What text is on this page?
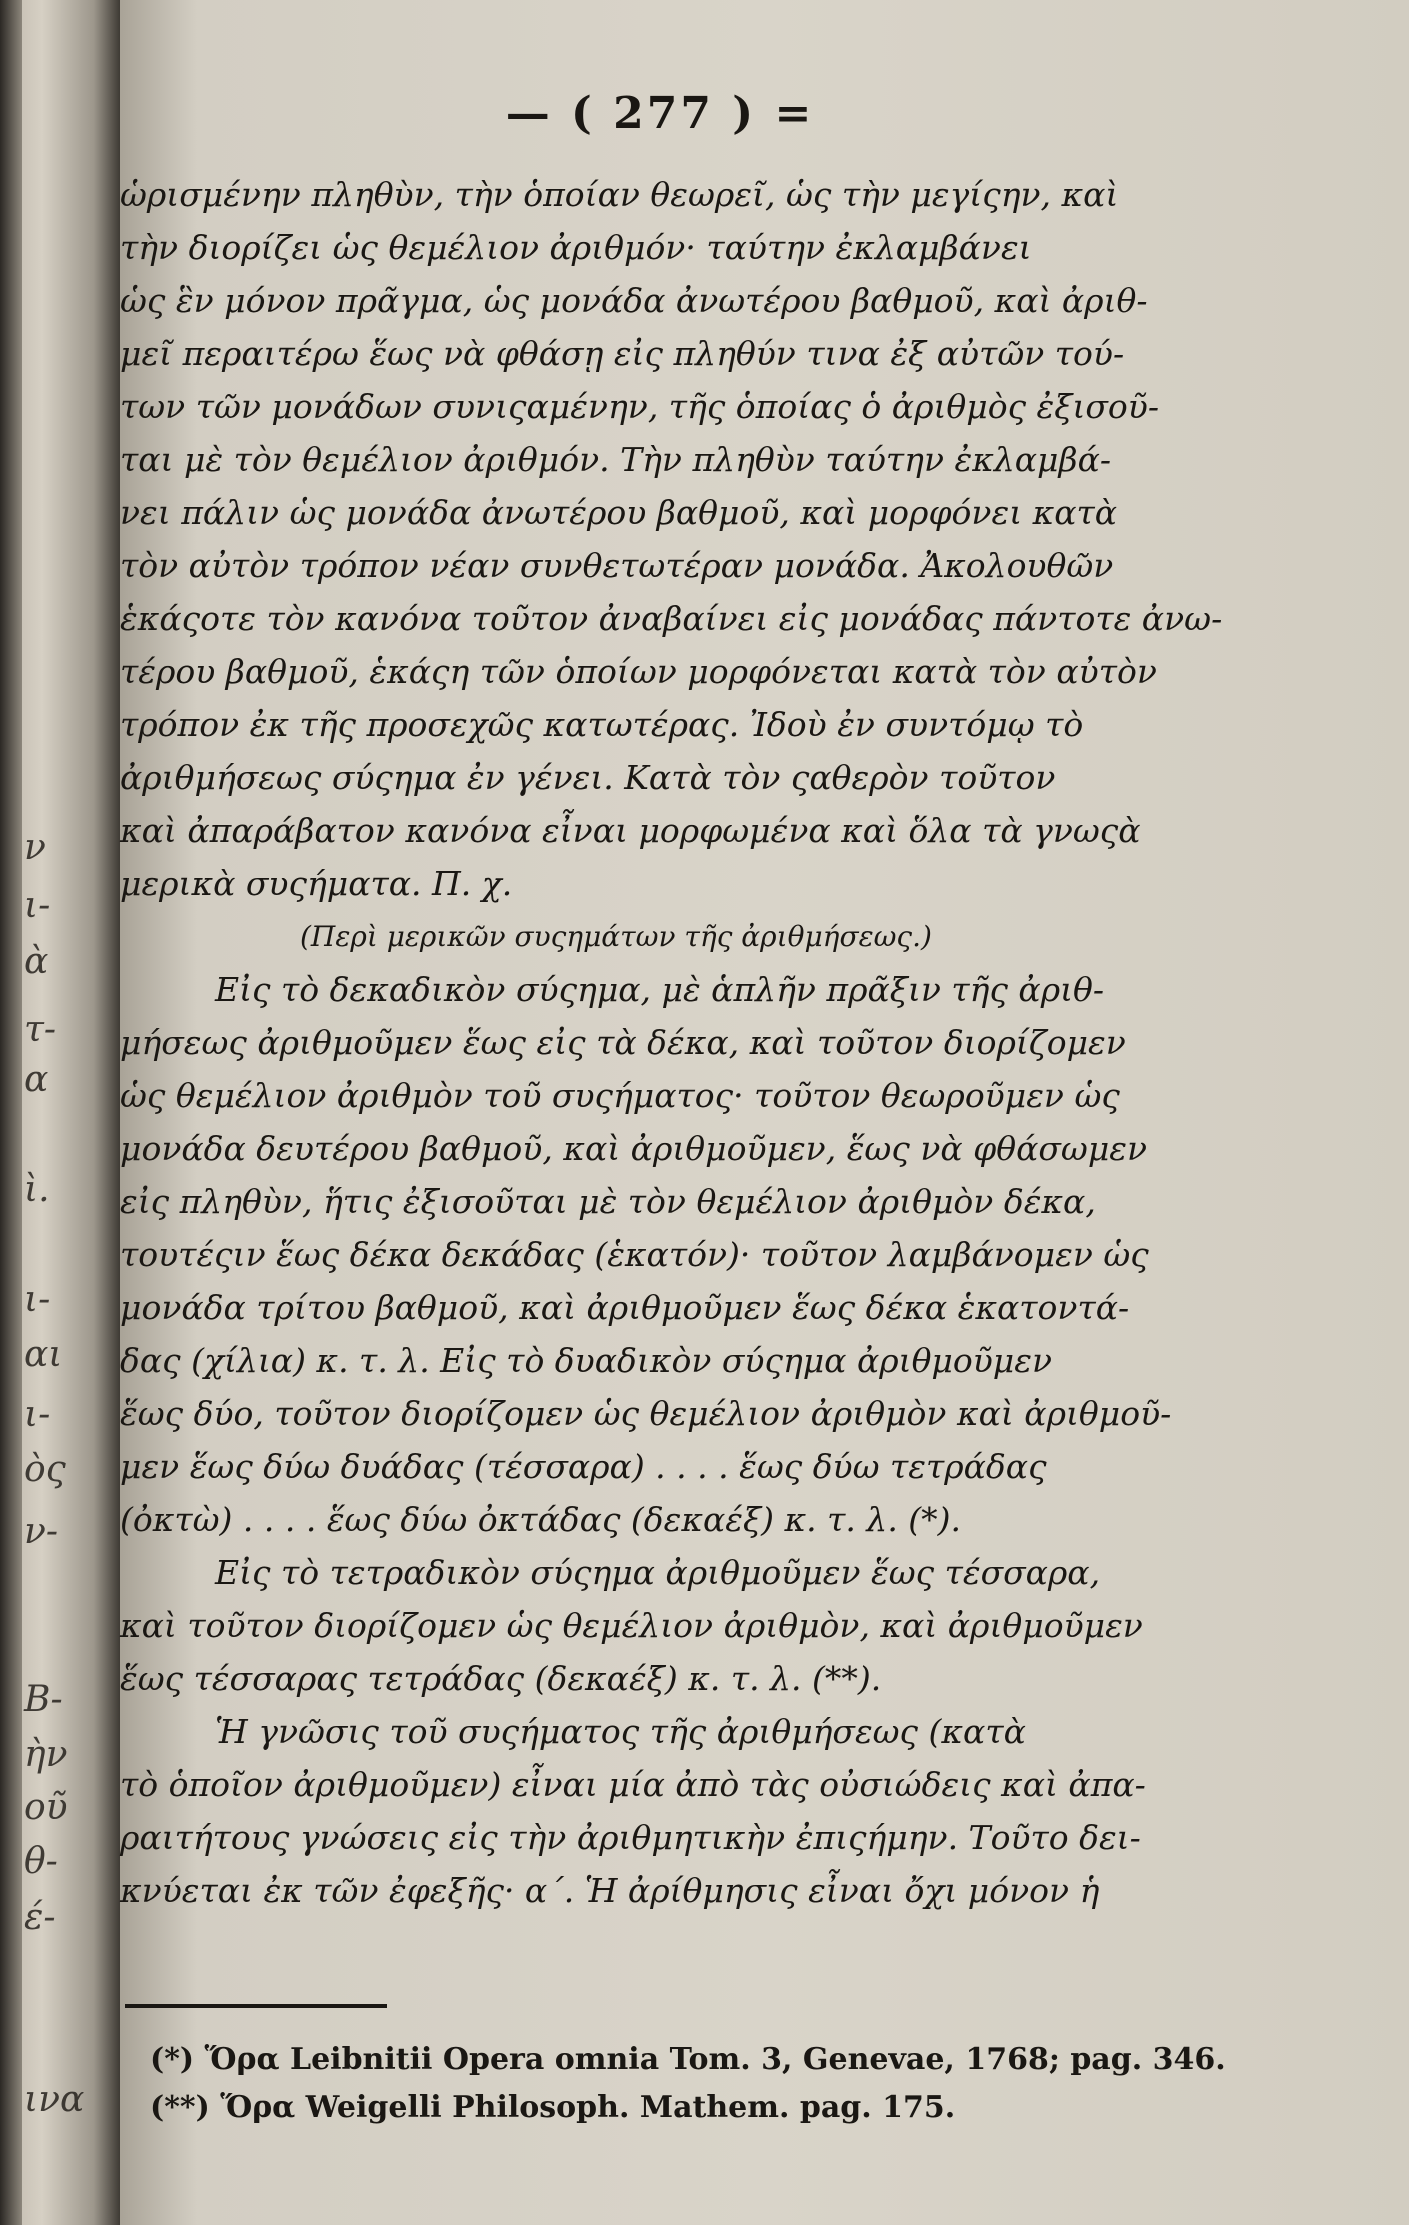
ν
ι-
ὰ
τ-
α
ὶ.
ι-
αι
ι-
ὸς
ν-
Β-
ὴν
οῦ
θ-
έ-
ινα
— ( 277 ) =
ὡρισμένην πληθὺν, τὴν ὁποίαν θεωρεῖ, ὡς τὴν μεγίςην, καὶ
τὴν διορίζει ὡς θεμέλιον ἀριθμόν· ταύτην ἐκλαμβάνει
ὡς ἓν μόνον πρᾶγμα, ὡς μονάδα ἀνωτέρου βαθμοῦ, καὶ ἀριθ-
μεῖ περαιτέρω ἕως νὰ φθάσῃ εἰς πληθύν τινα ἐξ αὐτῶν τού-
των τῶν μονάδων συνιςαμένην, τῆς ὁποίας ὁ ἀριθμὸς ἐξισοῦ-
ται μὲ τὸν θεμέλιον ἀριθμόν. Τὴν πληθὺν ταύτην ἐκλαμβά-
νει πάλιν ὡς μονάδα ἀνωτέρου βαθμοῦ, καὶ μορφόνει κατὰ
τὸν αὐτὸν τρόπον νέαν συνθετωτέραν μονάδα. Ἀκολουθῶν
ἑκάςοτε τὸν κανόνα τοῦτον ἀναβαίνει εἰς μονάδας πάντοτε ἀνω-
τέρου βαθμοῦ, ἑκάςη τῶν ὁποίων μορφόνεται κατὰ τὸν αὐτὸν
τρόπον ἐκ τῆς προσεχῶς κατωτέρας. Ἰδοὺ ἐν συντόμῳ τὸ
ἀριθμήσεως σύςημα ἐν γένει. Κατὰ τὸν ςαθερὸν τοῦτον
καὶ ἀπαράβατον κανόνα εἶναι μορφωμένα καὶ ὅλα τὰ γνωςὰ
μερικὰ συςήματα. Π. χ.
(Περὶ μερικῶν συςημάτων τῆς ἀριθμήσεως.)
Εἰς τὸ δεκαδικὸν σύςημα, μὲ ἁπλῆν πρᾶξιν τῆς ἀριθ-
μήσεως ἀριθμοῦμεν ἕως εἰς τὰ δέκα, καὶ τοῦτον διορίζομεν
ὡς θεμέλιον ἀριθμὸν τοῦ συςήματος· τοῦτον θεωροῦμεν ὡς
μονάδα δευτέρου βαθμοῦ, καὶ ἀριθμοῦμεν, ἕως νὰ φθάσωμεν
εἰς πληθὺν, ἥτις ἐξισοῦται μὲ τὸν θεμέλιον ἀριθμὸν δέκα,
τουτέςιν ἕως δέκα δεκάδας (ἑκατόν)· τοῦτον λαμβάνομεν ὡς
μονάδα τρίτου βαθμοῦ, καὶ ἀριθμοῦμεν ἕως δέκα ἑκατοντά-
δας (χίλια) κ. τ. λ. Εἰς τὸ δυαδικὸν σύςημα ἀριθμοῦμεν
ἕως δύο, τοῦτον διορίζομεν ὡς θεμέλιον ἀριθμὸν καὶ ἀριθμοῦ-
μεν ἕως δύω δυάδας (τέσσαρα) . . . . ἕως δύω τετράδας
(ὀκτὼ) . . . . ἕως δύω ὀκτάδας (δεκαέξ) κ. τ. λ. (*).
Εἰς τὸ τετραδικὸν σύςημα ἀριθμοῦμεν ἕως τέσσαρα,
καὶ τοῦτον διορίζομεν ὡς θεμέλιον ἀριθμὸν, καὶ ἀριθμοῦμεν
ἕως τέσσαρας τετράδας (δεκαέξ) κ. τ. λ. (**).
Ἡ γνῶσις τοῦ συςήματος τῆς ἀριθμήσεως (κατὰ
τὸ ὁποῖον ἀριθμοῦμεν) εἶναι μία ἀπὸ τὰς οὐσιώδεις καὶ ἀπα-
ραιτήτους γνώσεις εἰς τὴν ἀριθμητικὴν ἐπιςήμην. Τοῦτο δει-
κνύεται ἐκ τῶν ἐφεξῆς· α΄. Ἡ ἀρίθμησις εἶναι ὄχι μόνον ἡ
(*) Ὅρα Leibnitii Opera omnia Tom. 3, Genevae, 1768; pag. 346.
(**) Ὅρα Weigelli Philosoph. Mathem. pag. 175.
